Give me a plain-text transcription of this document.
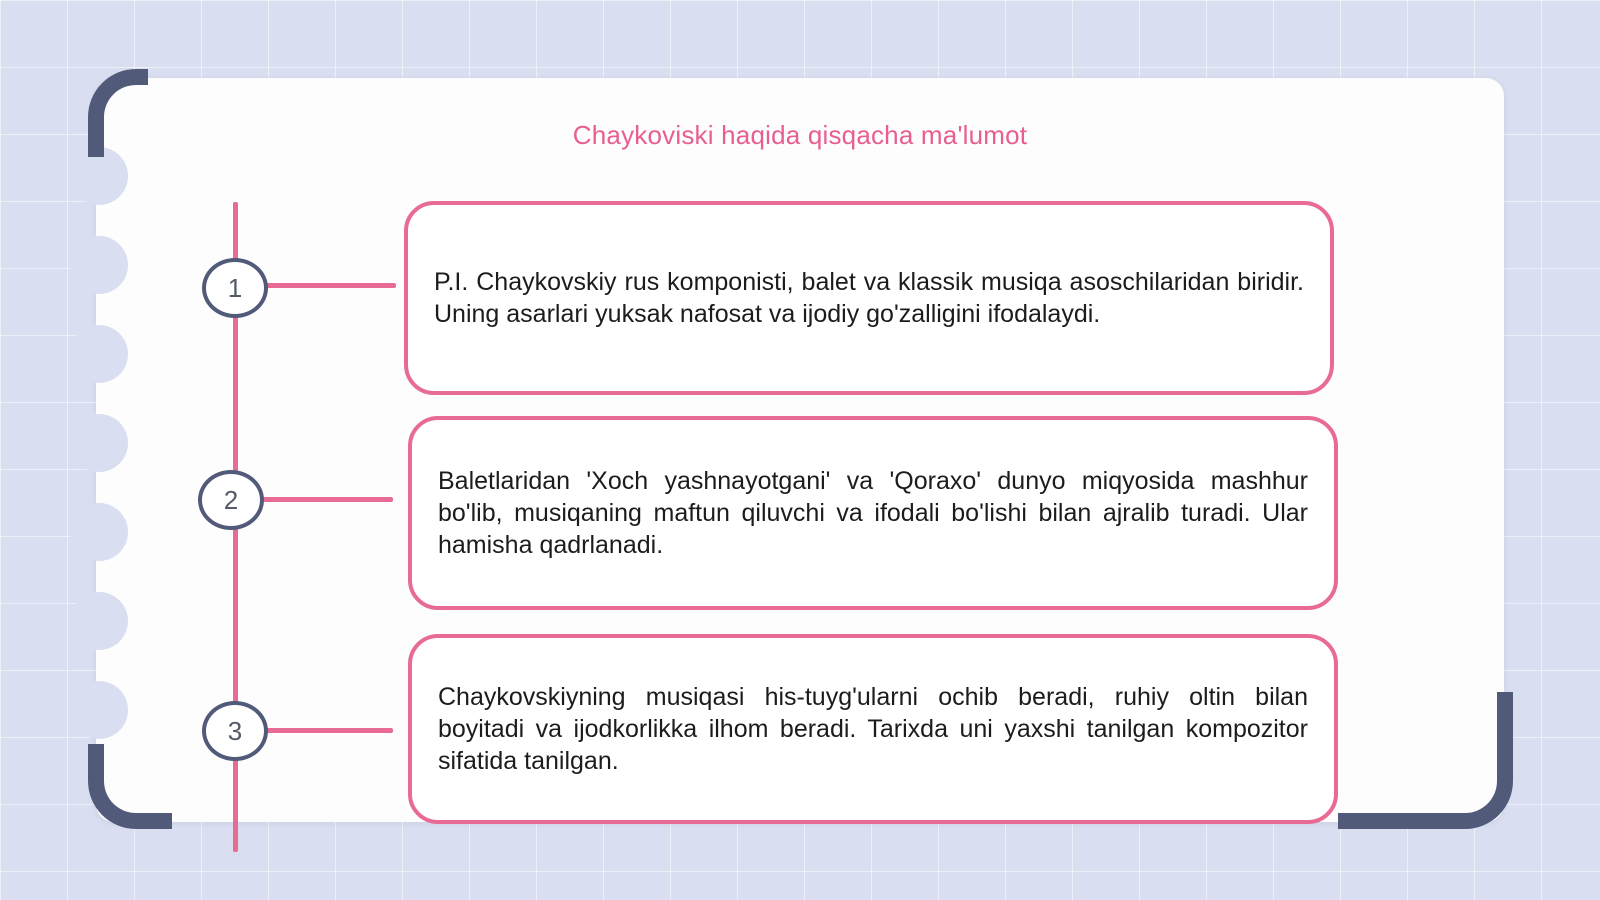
Chaykoviski haqida qisqacha ma'lumot
1
2
3

P.I. Chaykovskiy rus komponisti, balet va klassik musiqa asoschilaridan biridir. Uning asarlari yuksak nafosat va ijodiy go'zalligini ifodalaydi.

Baletlaridan 'Xoch yashnayotgani' va 'Qoraxo' dunyo miqyosida mashhur bo'lib, musiqaning maftun qiluvchi va ifodali bo'lishi bilan ajralib turadi. Ular hamisha qadrlanadi.

Chaykovskiyning musiqasi his-tuyg'ularni ochib beradi, ruhiy oltin bilan boyitadi va ijodkorlikka ilhom beradi. Tarixda uni yaxshi tanilgan kompozitor sifatida tanilgan.
